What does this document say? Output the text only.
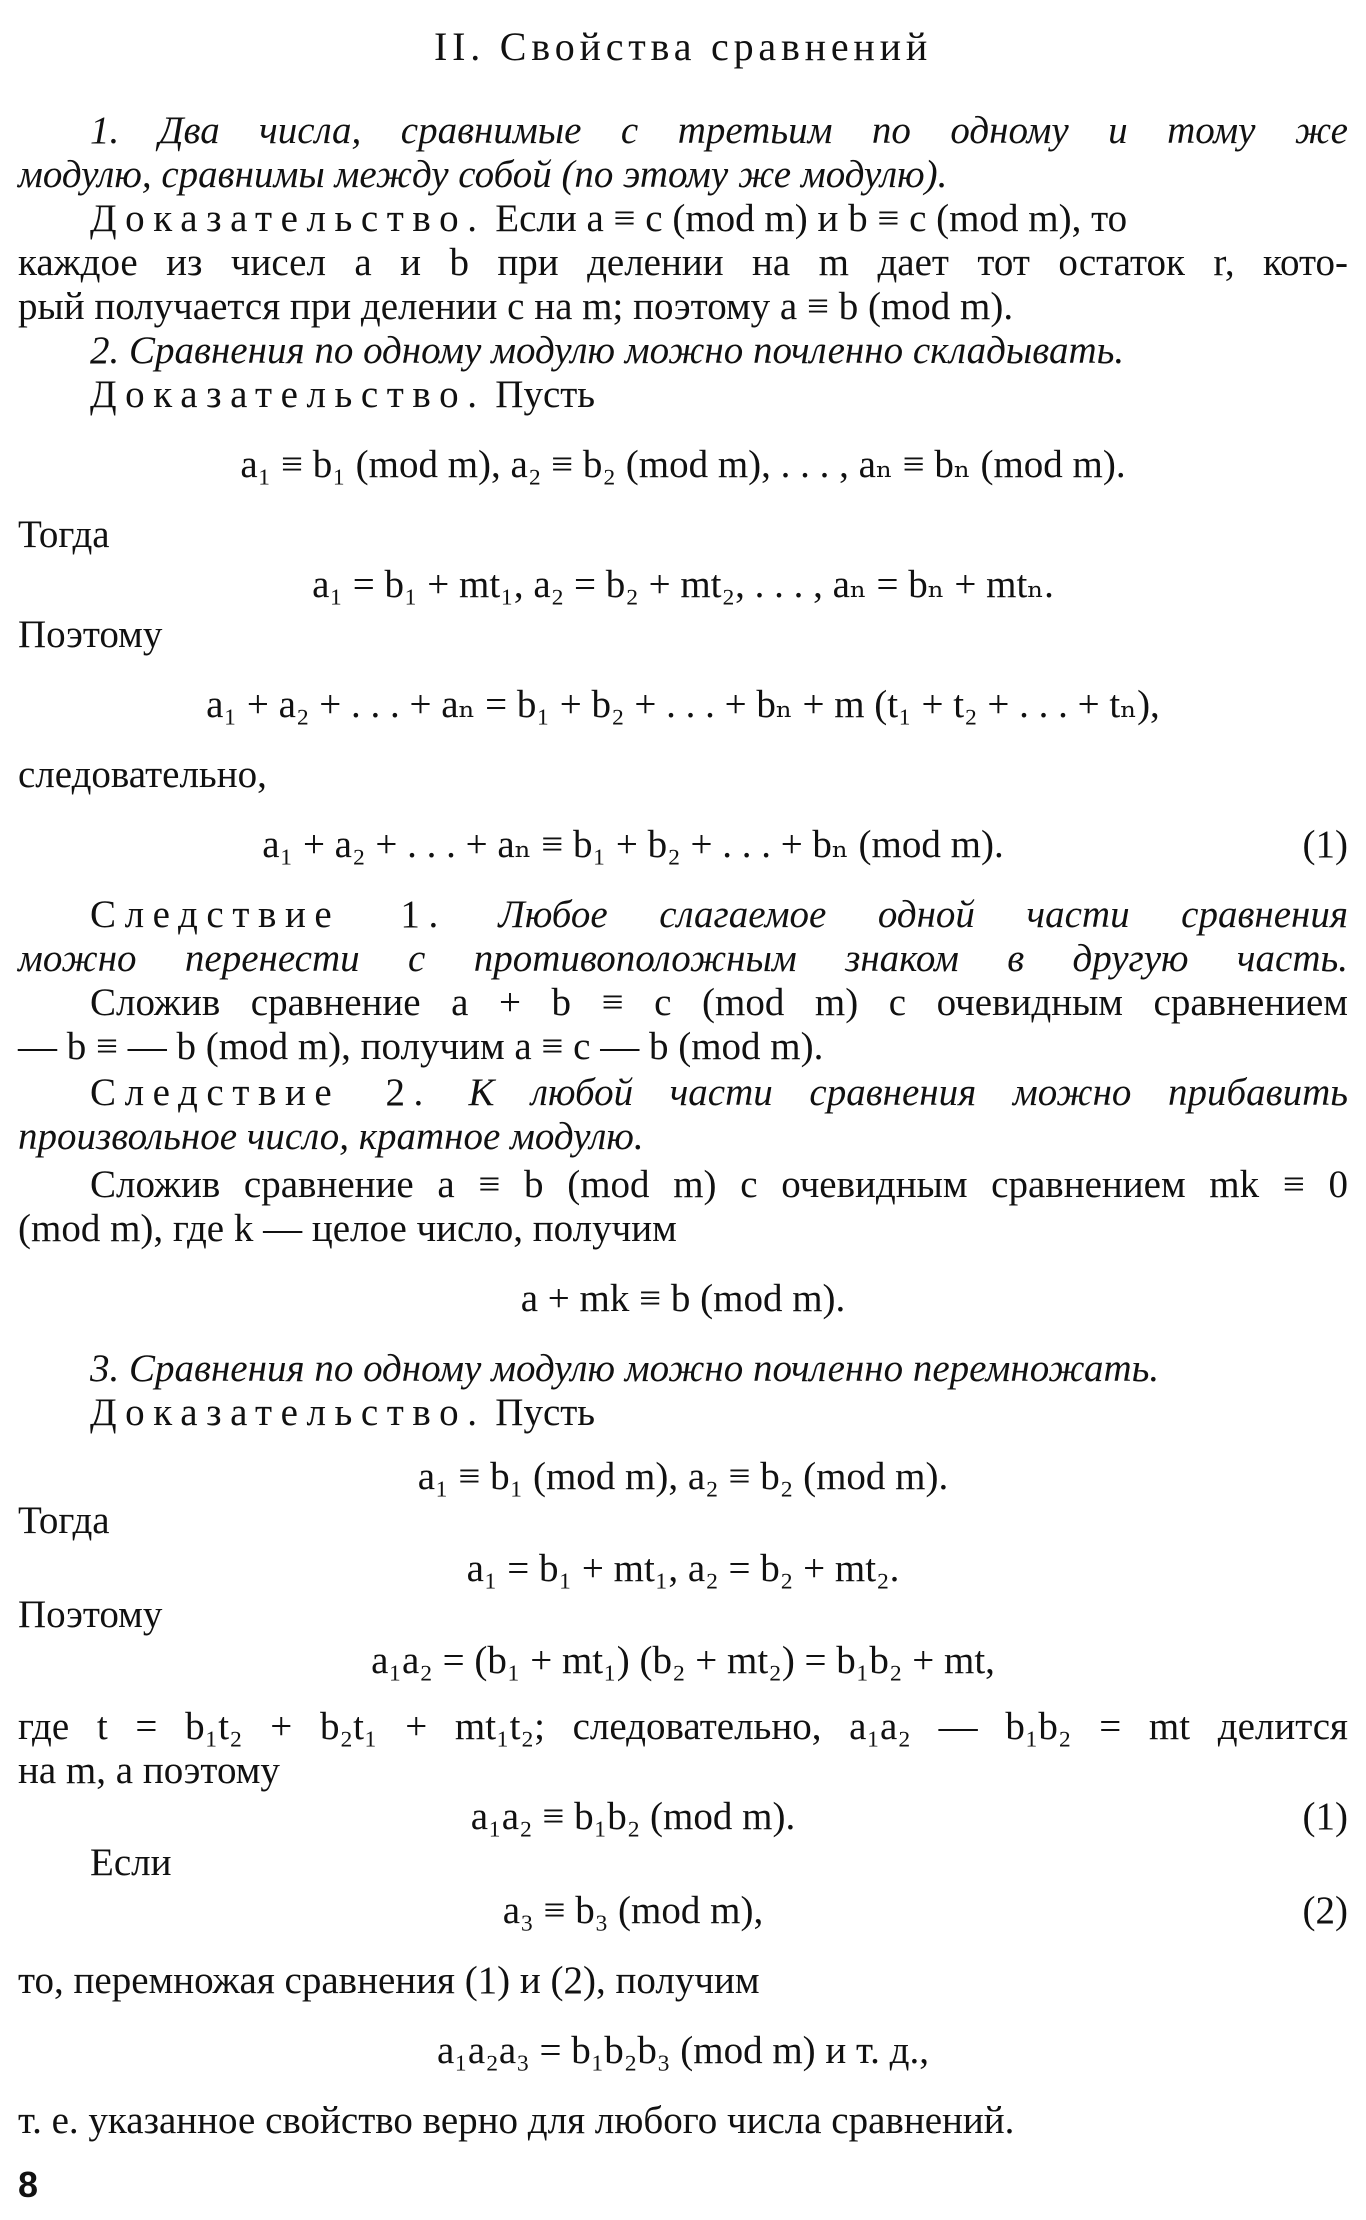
II. Свойства сравнений
1. Два числа, сравнимые с третьим по одному и тому же
модулю, сравнимы между собой (по этому же модулю).
Доказательство. Если a ≡ c (mod m) и b ≡ c (mod m), то
каждое из чисел a и b при делении на m дает тот остаток r, кото-
рый получается при делении c на m; поэтому a ≡ b (mod m).
2. Сравнения по одному модулю можно почленно складывать.
Доказательство. Пусть
a₁ ≡ b₁ (mod m), a₂ ≡ b₂ (mod m), . . . , aₙ ≡ bₙ (mod m).
Тогда
a₁ = b₁ + mt₁, a₂ = b₂ + mt₂, . . . , aₙ = bₙ + mtₙ.
Поэтому
a₁ + a₂ + . . . + aₙ = b₁ + b₂ + . . . + bₙ + m (t₁ + t₂ + . . . + tₙ),
следовательно,
a₁ + a₂ + . . . + aₙ ≡ b₁ + b₂ + . . . + bₙ (mod m).	(1)
Следствие 1. Любое слагаемое одной части сравнения
можно перенести с противоположным знаком в другую часть.
Сложив сравнение a + b ≡ c (mod m) с очевидным сравнением
— b ≡ — b (mod m), получим a ≡ c — b (mod m).
Следствие 2. К любой части сравнения можно прибавить
произвольное число, кратное модулю.
Сложив сравнение a ≡ b (mod m) с очевидным сравнением mk ≡ 0
(mod m), где k — целое число, получим
a + mk ≡ b (mod m).
3. Сравнения по одному модулю можно почленно перемножать.
Доказательство. Пусть
a₁ ≡ b₁ (mod m), a₂ ≡ b₂ (mod m).
Тогда
a₁ = b₁ + mt₁, a₂ = b₂ + mt₂.
Поэтому
a₁a₂ = (b₁ + mt₁) (b₂ + mt₂) = b₁b₂ + mt,
где t = b₁t₂ + b₂t₁ + mt₁t₂; следовательно, a₁a₂ — b₁b₂ = mt делится
на m, а поэтому
a₁a₂ ≡ b₁b₂ (mod m).	(1)
Если
a₃ ≡ b₃ (mod m),	(2)
то, перемножая сравнения (1) и (2), получим
a₁a₂a₃ = b₁b₂b₃ (mod m) и т. д.,
т. е. указанное свойство верно для любого числа сравнений.
8
